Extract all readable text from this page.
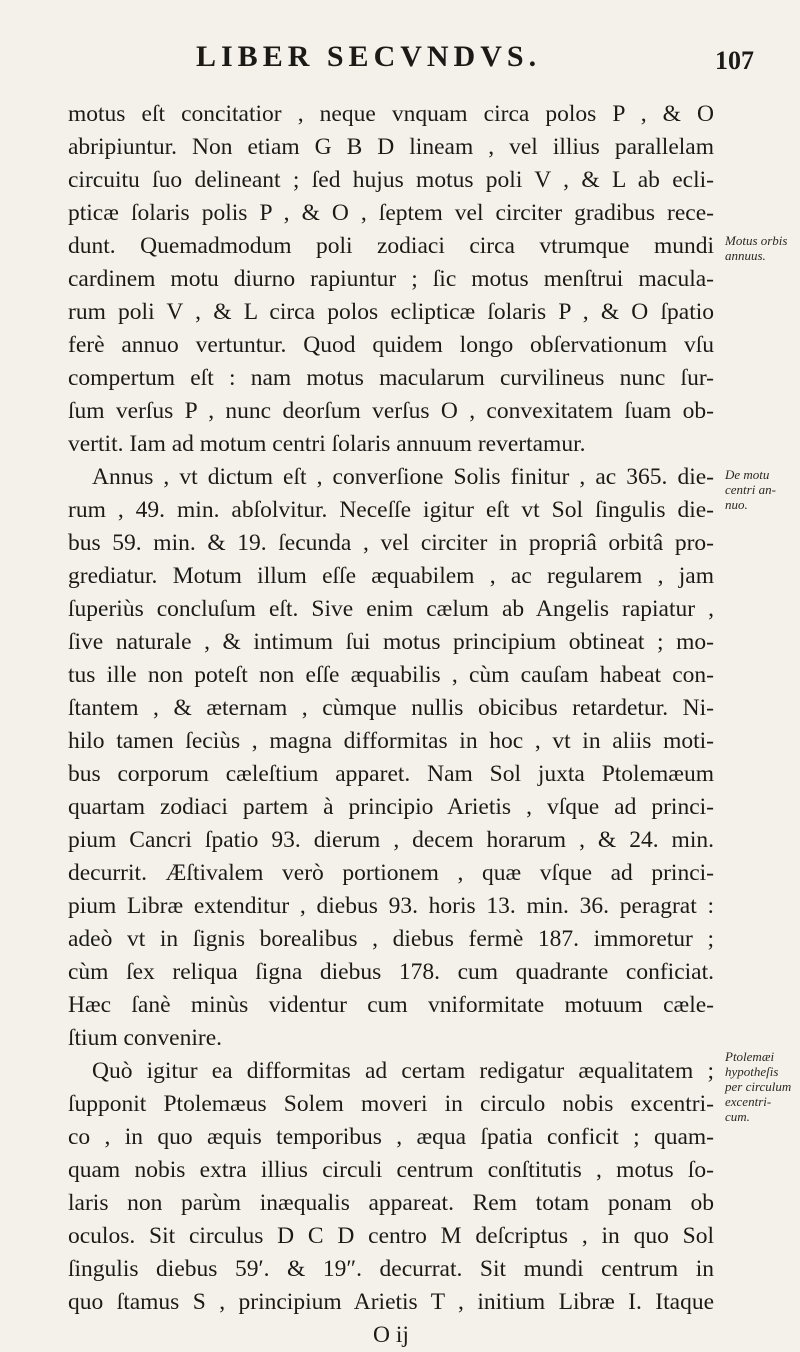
LIBER SECVNDVS.	107
motus eſt concitatior , neque vnquam circa polos P , & O
abripiuntur. Non etiam G B D lineam , vel illius parallelam
circuitu ſuo delineant ; ſed hujus motus poli V , & L ab ecli-
pticæ ſolaris polis P , & O , ſeptem vel circiter gradibus rece-
dunt. Quemadmodum poli zodiaci circa vtrumque mundi
cardinem motu diurno rapiuntur ; ſic motus menſtrui macula-
rum poli V , & L circa polos eclipticæ ſolaris P , & O ſpatio
ferè annuo vertuntur. Quod quidem longo obſervationum vſu
compertum eſt : nam motus macularum curvilineus nunc ſur-
ſum verſus P , nunc deorſum verſus O , convexitatem ſuam ob-
vertit. Iam ad motum centri ſolaris annuum revertamur.
Annus , vt dictum eſt , converſione Solis finitur , ac 365. die-
rum , 49. min. abſolvitur. Neceſſe igitur eſt vt Sol ſingulis die-
bus 59. min. & 19. ſecunda , vel circiter in propriâ orbitâ pro-
grediatur. Motum illum eſſe æquabilem , ac regularem , jam
ſuperiùs concluſum eſt. Sive enim cælum ab Angelis rapiatur ,
ſive naturale , & intimum ſui motus principium obtineat ; mo-
tus ille non poteſt non eſſe æquabilis , cùm cauſam habeat con-
ſtantem , & æternam , cùmque nullis obicibus retardetur. Ni-
hilo tamen ſeciùs , magna difformitas in hoc , vt in aliis moti-
bus corporum cæleſtium apparet. Nam Sol juxta Ptolemæum
quartam zodiaci partem à principio Arietis , vſque ad princi-
pium Cancri ſpatio 93. dierum , decem horarum , & 24. min.
decurrit. Æſtivalem verò portionem , quæ vſque ad princi-
pium Libræ extenditur , diebus 93. horis 13. min. 36. peragrat :
adeò vt in ſignis borealibus , diebus fermè 187. immoretur ;
cùm ſex reliqua ſigna diebus 178. cum quadrante conficiat.
Hæc ſanè minùs videntur cum vniformitate motuum cæle-
ſtium convenire.
Quò igitur ea difformitas ad certam redigatur æqualitatem ;
ſupponit Ptolemæus Solem moveri in circulo nobis excentri-
co , in quo æquis temporibus , æqua ſpatia conficit ; quam-
quam nobis extra illius circuli centrum conſtitutis , motus ſo-
laris non parùm inæqualis appareat. Rem totam ponam ob
oculos. Sit circulus D C D centro M deſcriptus , in quo Sol
ſingulis diebus 59′. & 19″. decurrat. Sit mundi centrum in
quo ſtamus S , principium Arietis T , initium Libræ I. Itaque
O ij
Motus orbis
annuus.
De motu
centri an-
nuo.
Ptolemæi
hypotheſis
per circulum
excentri-
cum.
